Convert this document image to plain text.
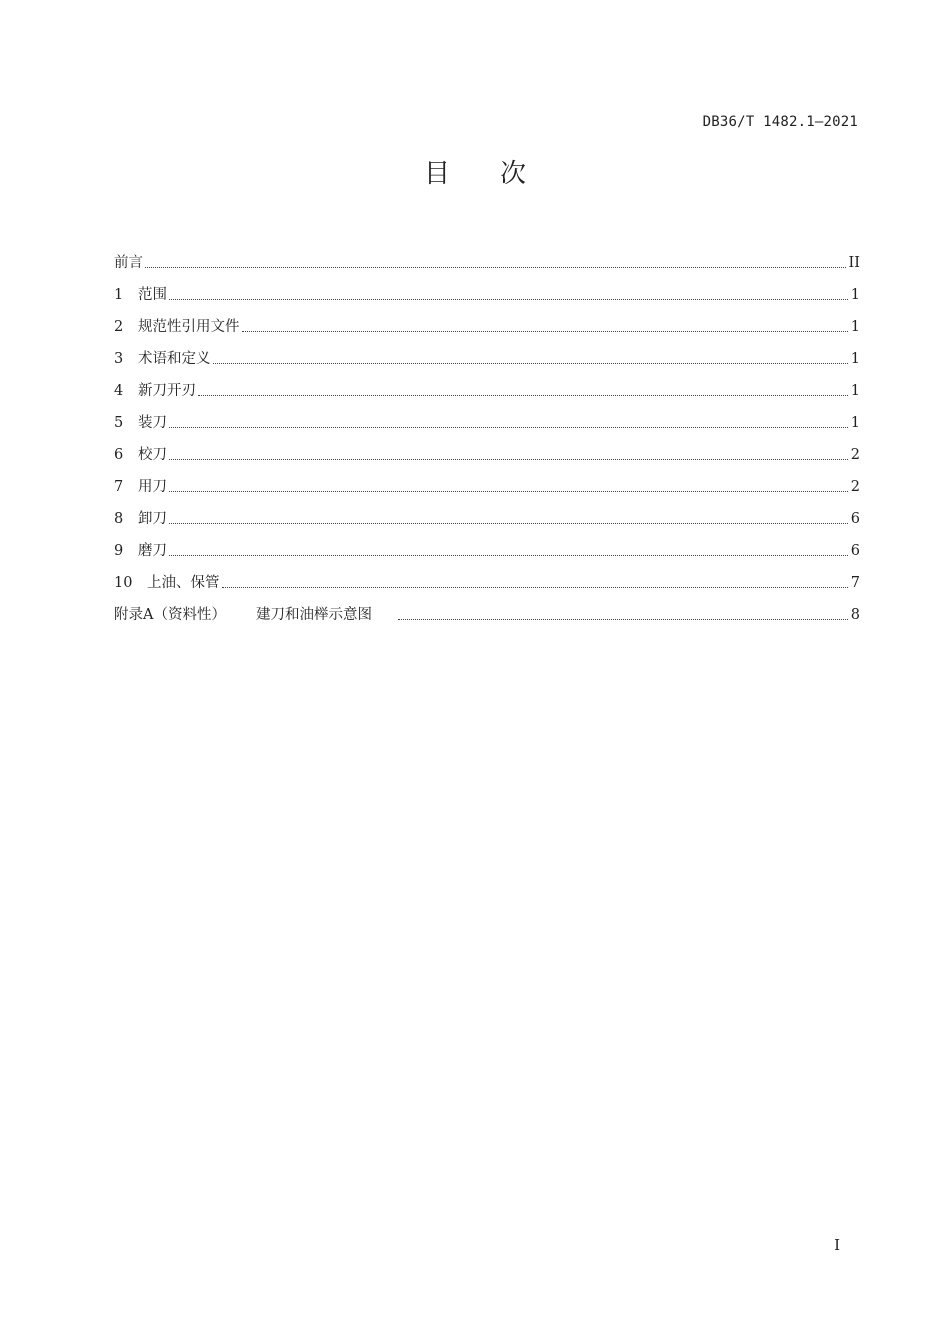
DB36/T 1482.1—2021
目 次
前言	II
1	范围	1
2	规范性引用文件	1
3	术语和定义	1
4	新刀开刃	1
5	装刀	1
6	校刀	2
7	用刀	2
8	卸刀	6
9	磨刀	6
10	上油、保管	7
附录A（资料性） 建刀和油榉示意图	8
I
